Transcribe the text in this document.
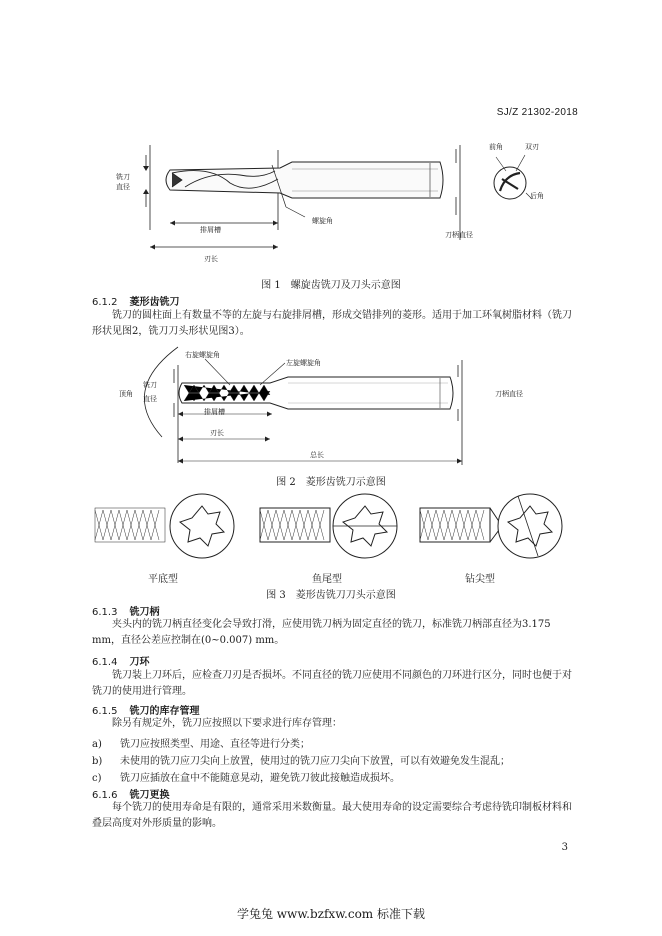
SJ/Z 21302-2018
铣刀
直径
排屑槽
螺旋角
刃长
刀柄直径
前角	双刃
后角
图 1　螺旋齿铣刀及刀头示意图
6.1.2 菱形齿铣刀
铣刀的圆柱面上有数量不等的左旋与右旋排屑槽，形成交错排列的菱形。适用于加工环氧树脂材料（铣刀形状见图2，铣刀刀头形状见图3）。
右旋螺旋角
左旋螺旋角
顶角
铣刀
直径
排屑槽
刃长
总长
刀柄直径
图 2　菱形齿铣刀示意图
平底型	鱼尾型	钻尖型
图 3　菱形齿铣刀刀头示意图
6.1.3 铣刀柄
夹头内的铣刀柄直径变化会导致打滑，应使用铣刀柄为固定直径的铣刀，标准铣刀柄部直径为3.175 mm，直径公差应控制在(0~0.007) mm。
6.1.4 刀环
铣刀装上刀环后，应检查刀刃是否损坏。不同直径的铣刀应使用不同颜色的刀环进行区分，同时也便于对铣刀的使用进行管理。
6.1.5 铣刀的库存管理
除另有规定外，铣刀应按照以下要求进行库存管理：
a) 铣刀应按照类型、用途、直径等进行分类；
b) 未使用的铣刀应刀尖向上放置，使用过的铣刀应刀尖向下放置，可以有效避免发生混乱；
c) 铣刀应插放在盒中不能随意晃动，避免铣刀彼此接触造成损坏。
6.1.6 铣刀更换
每个铣刀的使用寿命是有限的，通常采用米数衡量。最大使用寿命的设定需要综合考虑待铣印制板材料和叠层高度对外形质量的影响。
3
学兔兔 www.bzfxw.com 标准下载
